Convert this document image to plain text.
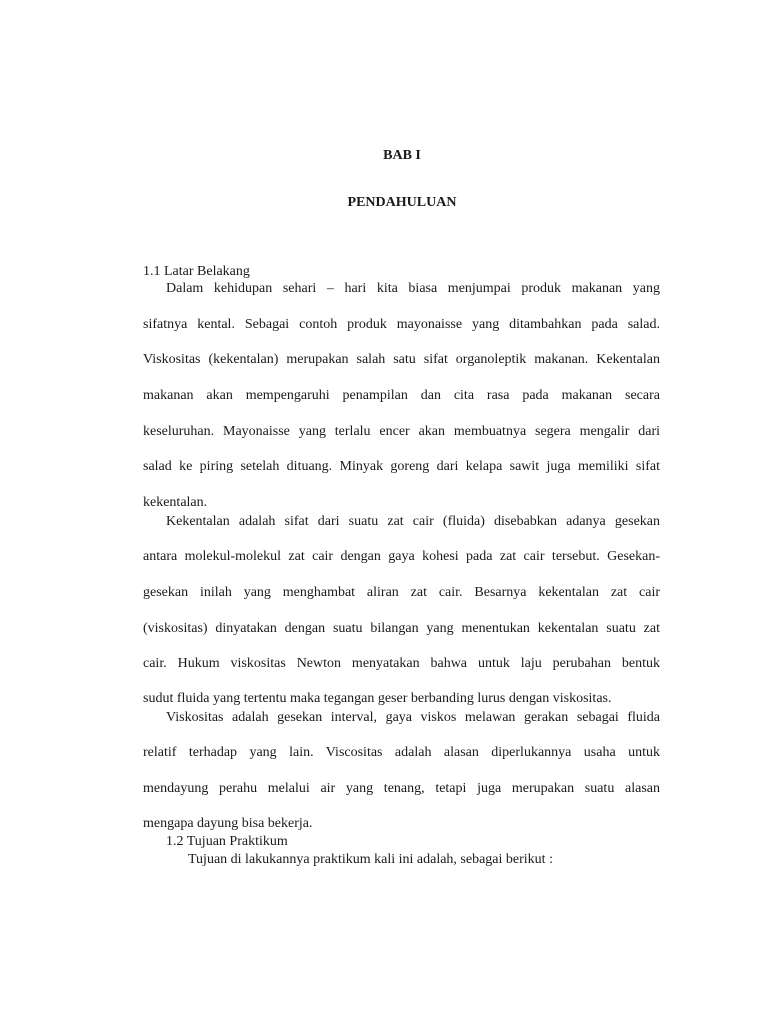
BAB I
PENDAHULUAN

1.1 Latar Belakang

Dalam kehidupan sehari – hari kita biasa menjumpai produk makanan yang

sifatnya kental. Sebagai contoh produk mayonaisse yang ditambahkan pada salad.

Viskositas (kekentalan) merupakan salah satu sifat organoleptik makanan. Kekentalan

makanan akan mempengaruhi penampilan dan cita rasa pada makanan secara

keseluruhan. Mayonaisse yang terlalu encer akan membuatnya segera mengalir dari

salad ke piring setelah dituang. Minyak goreng dari kelapa sawit juga memiliki sifat

kekentalan.

Kekentalan adalah sifat dari suatu zat cair (fluida) disebabkan adanya gesekan

antara molekul-molekul zat cair dengan gaya kohesi pada zat cair tersebut. Gesekan-

gesekan inilah yang menghambat aliran zat cair. Besarnya kekentalan zat cair

(viskositas) dinyatakan dengan suatu bilangan yang menentukan kekentalan suatu zat

cair. Hukum viskositas Newton menyatakan bahwa untuk laju perubahan bentuk

sudut fluida yang tertentu maka tegangan geser berbanding lurus dengan viskositas.

Viskositas adalah gesekan interval, gaya viskos melawan gerakan sebagai fluida

relatif terhadap yang lain. Viscositas adalah alasan diperlukannya usaha untuk

mendayung perahu melalui air yang tenang, tetapi juga merupakan suatu alasan

mengapa dayung bisa bekerja.

1.2 Tujuan Praktikum

Tujuan di lakukannya praktikum kali ini adalah, sebagai berikut :
